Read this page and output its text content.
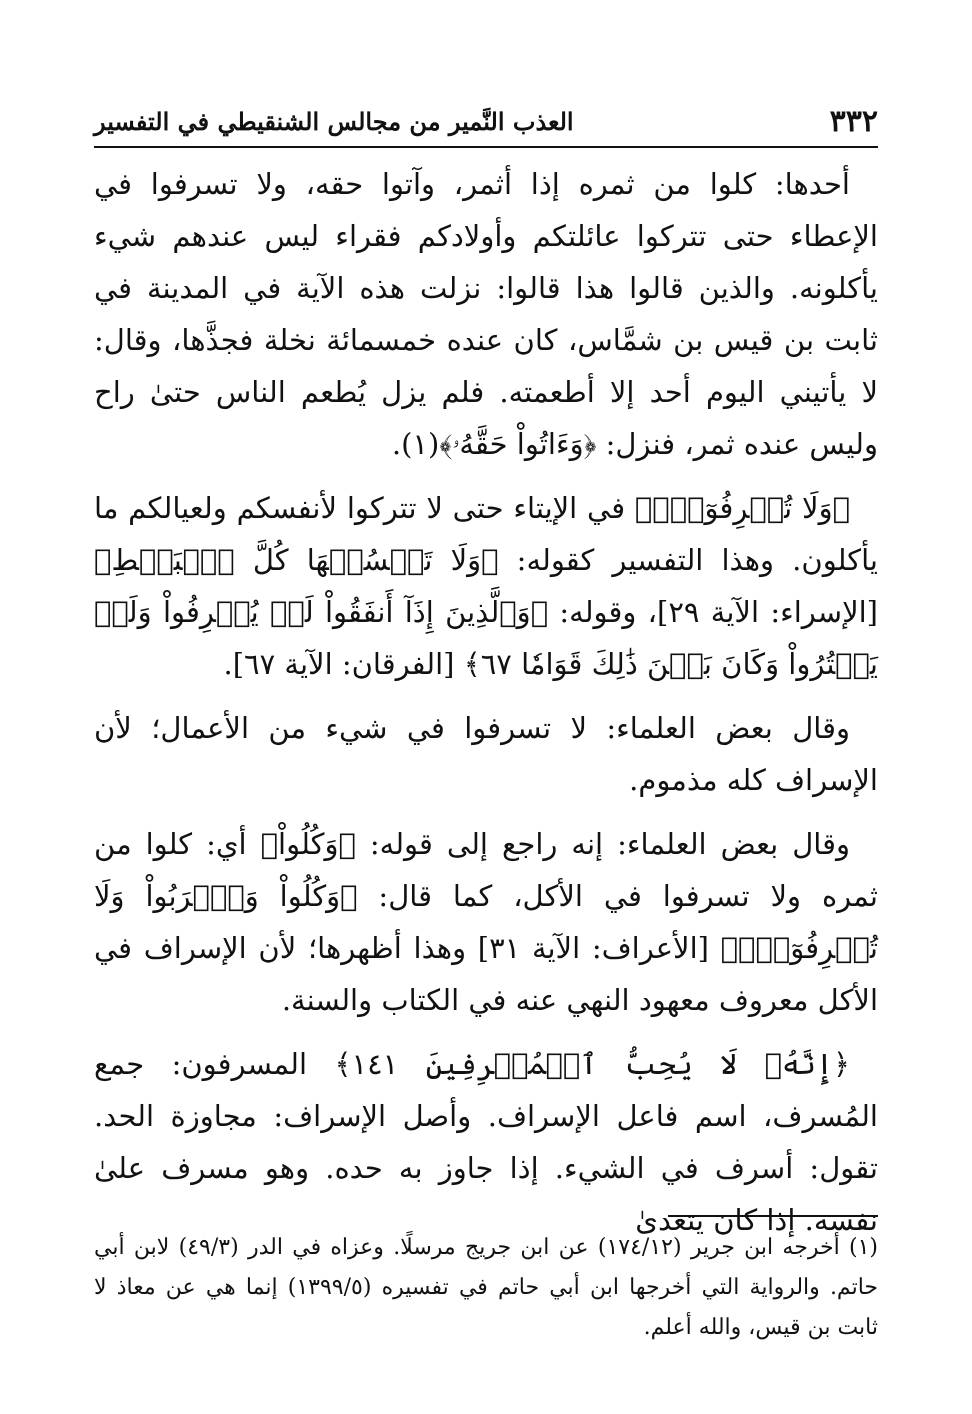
٣٣٢
العذب النَّمير من مجالس الشنقيطي في التفسير

أحدها: كلوا من ثمره إذا أثمر، وآتوا حقه، ولا تسرفوا في الإعطاء حتى تتركوا عائلتكم وأولادكم فقراء ليس عندهم شيء يأكلونه. والذين قالوا هذا قالوا: نزلت هذه الآية في المدينة في ثابت بن قيس بن شمَّاس، كان عنده خمسمائة نخلة فجذَّها، وقال: لا يأتيني اليوم أحد إلا أطعمته. فلم يزل يُطعم الناس حتىٰ راح وليس عنده ثمر، فنزل: ﴿وَءَاتُواْ حَقَّهُۥ﴾(١).

﴿وَلَا تُسۡرِفُوٓاْۚ﴾ في الإيتاء حتى لا تتركوا لأنفسكم ولعيالكم ما يأكلون. وهذا التفسير كقوله: ﴿وَلَا تَبۡسُطۡهَا كُلَّ ٱلۡبَسۡطِ﴾ [الإسراء: الآية ٢٩]، وقوله: ﴿وَٱلَّذِينَ إِذَآ أَنفَقُواْ لَمۡ يُسۡرِفُواْ وَلَمۡ يَقۡتُرُواْ وَكَانَ بَيۡنَ ذَٰلِكَ قَوَامٗا ٦٧﴾ [الفرقان: الآية ٦٧].

وقال بعض العلماء: لا تسرفوا في شيء من الأعمال؛ لأن الإسراف كله مذموم.

وقال بعض العلماء: إنه راجع إلى قوله: ﴿وَكُلُواْ﴾ أي: كلوا من ثمره ولا تسرفوا في الأكل، كما قال: ﴿وَكُلُواْ وَٱشۡرَبُواْ وَلَا تُسۡرِفُوٓاْۚ﴾ [الأعراف: الآية ٣١] وهذا أظهرها؛ لأن الإسراف في الأكل معروف معهود النهي عنه في الكتاب والسنة.

﴿إِنَّهُۥ لَا يُحِبُّ ٱلۡمُسۡرِفِينَ ١٤١﴾ المسرفون: جمع المُسرف، اسم فاعل الإسراف. وأصل الإسراف: مجاوزة الحد. تقول: أسرف في الشيء. إذا جاوز به حده. وهو مسرف علىٰ نفسه. إذا كان يتعدىٰ

(١) أخرجه ابن جرير (١٧٤/١٢) عن ابن جريج مرسلًا. وعزاه في الدر (٤٩/٣) لابن أبي حاتم. والرواية التي أخرجها ابن أبي حاتم في تفسيره (١٣٩٩/٥) إنما هي عن معاذ لا ثابت بن قيس، والله أعلم.
